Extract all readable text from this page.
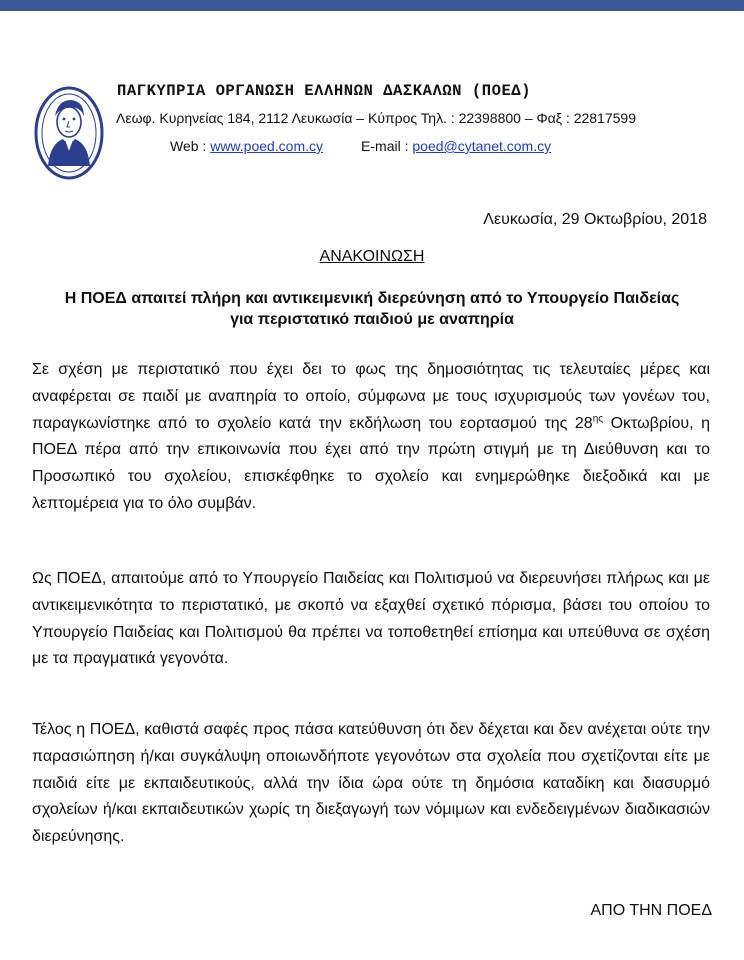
ΠΑΓΚΥΠΡΙΑ ΟΡΓΑΝΩΣΗ ΕΛΛΗΝΩΝ ΔΑΣΚΑΛΩΝ (ΠΟΕΔ)
Λεωφ. Κυρηνείας 184, 2112 Λευκωσία – Κύπρος Τηλ. : 22398800 – Φαξ : 22817599
Web : www.poed.com.cy	E-mail : poed@cytanet.com.cy
Λευκωσία, 29 Οκτωβρίου, 2018
ΑΝΑΚΟΙΝΩΣΗ
Η ΠΟΕΔ απαιτεί πλήρη και αντικειμενική διερεύνηση από το Υπουργείο Παιδείας
για περιστατικό παιδιού με αναπηρία
Σε σχέση με περιστατικό που έχει δει το φως της δημοσιότητας τις τελευταίες μέρες και αναφέρεται σε παιδί με αναπηρία το οποίο, σύμφωνα με τους ισχυρισμούς των γονέων του, παραγκωνίστηκε από το σχολείο κατά την εκδήλωση του εορτασμού της $28^{\eta\varsigma}$ Οκτωβρίου, η ΠΟΕΔ πέρα από την επικοινωνία που έχει από την πρώτη στιγμή με τη Διεύθυνση και το Προσωπικό του σχολείου, επισκέφθηκε το σχολείο και ενημερώθηκε διεξοδικά και με λεπτομέρεια για το όλο συμβάν.
Ως ΠΟΕΔ, απαιτούμε από το Υπουργείο Παιδείας και Πολιτισμού να διερευνήσει πλήρως και με αντικειμενικότητα το περιστατικό, με σκοπό να εξαχθεί σχετικό πόρισμα, βάσει του οποίου το Υπουργείο Παιδείας και Πολιτισμού θα πρέπει να τοποθετηθεί επίσημα και υπεύθυνα σε σχέση με τα πραγματικά γεγονότα.
Τέλος η ΠΟΕΔ, καθιστά σαφές προς πάσα κατεύθυνση ότι δεν δέχεται και δεν ανέχεται ούτε την παρασιώπηση ή/και συγκάλυψη οποιωνδήποτε γεγονότων στα σχολεία που σχετίζονται είτε με παιδιά είτε με εκπαιδευτικούς, αλλά την ίδια ώρα ούτε τη δημόσια καταδίκη και διασυρμό σχολείων ή/και εκπαιδευτικών χωρίς τη διεξαγωγή των νόμιμων και ενδεδειγμένων διαδικασιών διερεύνησης.
ΑΠΟ ΤΗΝ ΠΟΕΔ
